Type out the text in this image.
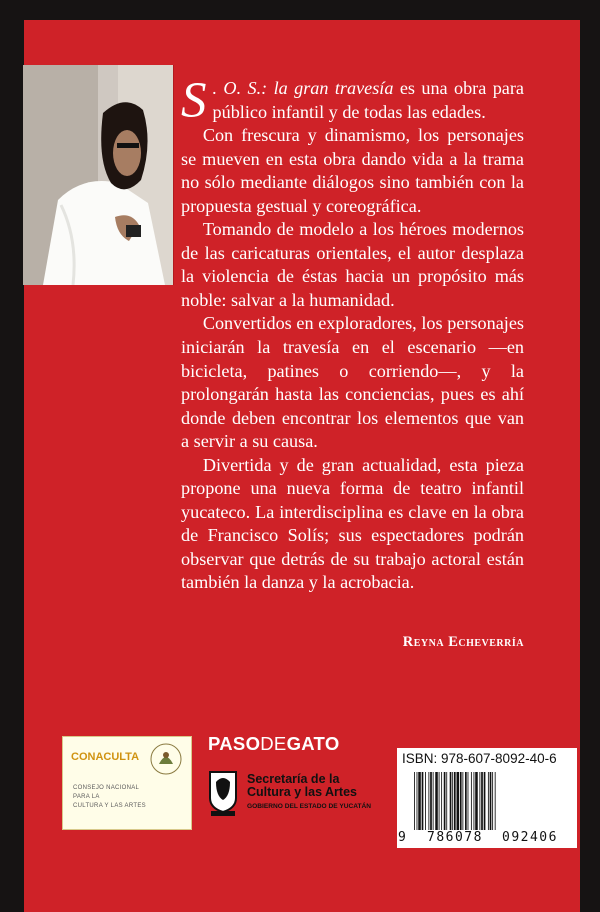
S . O. S.: la gran travesía es una obra para público infantil y de todas las edades.

Con frescura y dinamismo, los personajes se mueven en esta obra dando vida a la trama no sólo mediante diálogos sino también con la propuesta gestual y coreográfica.

Tomando de modelo a los héroes modernos de las caricaturas orientales, el autor desplaza la violencia de éstas hacia un propósito más noble: salvar a la humanidad.

Convertidos en exploradores, los personajes iniciarán la travesía en el escenario —en bicicleta, patines o corriendo—, y la prolongarán hasta las conciencias, pues es ahí donde deben encontrar los elementos que van a servir a su causa.

Divertida y de gran actualidad, esta pieza propone una nueva forma de teatro infantil yucateco. La interdisciplina es clave en la obra de Francisco Solís; sus espectadores podrán observar que detrás de su trabajo actoral están también la danza y la acrobacia.

Reyna Echeverría
CONACULTA
CONSEJO NACIONAL
PARA LA
CULTURA Y LAS ARTES
PASODEGATO
Secretaría de la
Cultura y las Artes
GOBIERNO DEL ESTADO DE YUCATÁN
ISBN: 978-607-8092-40-6
9 786078 092406
